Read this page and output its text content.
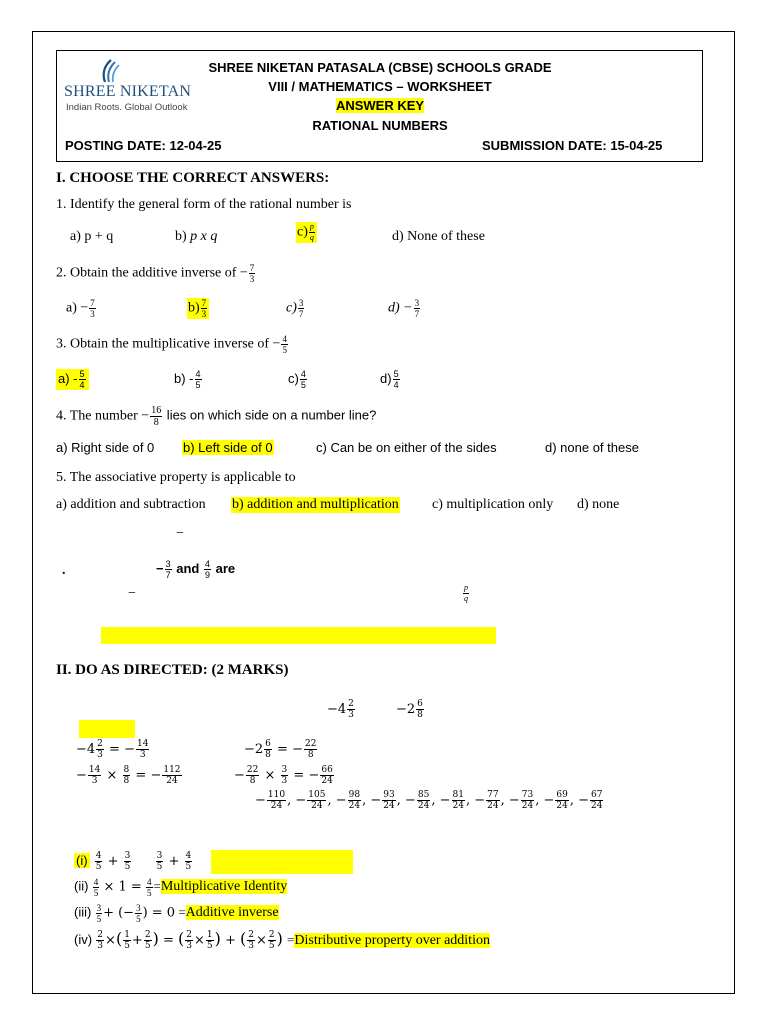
SHREE NIKETAN
Indian Roots. Global Outlook
SHREE NIKETAN PATASALA (CBSE) SCHOOLS GRADE
VIII / MATHEMATICS – WORKSHEET
ANSWER KEY
RATIONAL NUMBERS
POSTING DATE: 12-04-25	SUBMISSION DATE: 15-04-25
I. CHOOSE THE CORRECT ANSWERS:
1. Identify the general form of the rational number is
a) p + q	b) p x q	$c) \frac{p}{q}$	d) None of these
2. Obtain the additive inverse of − $\frac{7}{3}$
$a) - \frac{7}{3}$	$b) \frac{7}{3}$	$c) \frac{3}{7}$	$d) - \frac{3}{7}$
3. Obtain the multiplicative inverse of − $\frac{4}{5}$
$a) - \frac{5}{4}$	$b) - \frac{4}{5}$	$c) \frac{4}{5}$	$d) \frac{5}{4}$
4. The number − $\frac{16}{8}$ lies on which side on a number line?
a) Right side of 0 b) Left side of 0	c) Can be on either of the sides	d) none of these
5. The associative property is applicable to
a) addition and subtraction b) addition and multiplication c) multiplication only d) none
−
.	− $\frac{3}{7}$ and $\frac{4}{9}$ are
−	$\frac{p}{q}$
II. DO AS DIRECTED: (2 MARKS)
$-4 \frac{2}{3}$	$-2 \frac{6}{8}$
$-4 \frac{2}{3}$ = − $\frac{14}{3}$
− $\frac{14}{3} \times \frac{8}{8}$ = − $\frac{112}{24}$
$-2 \frac{6}{8}$ = − $\frac{22}{8}$
− $\frac{22}{8} \times \frac{3}{3}$ = − $\frac{66}{24}$
− $\frac{110}{24}$ , − $\frac{105}{24}$ , − $\frac{98}{24}$ , − $\frac{93}{24}$ , − $\frac{85}{24}$ , − $\frac{81}{24}$ , − $\frac{77}{24}$ , − $\frac{73}{24}$ , − $\frac{69}{24}$ , − $\frac{67}{24}$
$(i) \frac{4}{5} + \frac{3}{5}$
	$\frac{3}{5} + \frac{4}{5}$
$(ii) \frac{4}{5} \times 1 = \frac{4}{5}$ =Multiplicative Identity
$(iii) \frac{3}{5}$ + (− $\frac{3}{5}$ ) = 0 =Additive inverse
$(iv) \frac{2}{3}$ ×( $\frac{1}{5} + \frac{2}{5}$ ) = ( $\frac{2}{3} \times \frac{1}{5}$ ) + ( $\frac{2}{3} \times \frac{2}{5}$ ) =Distributive property over addition
